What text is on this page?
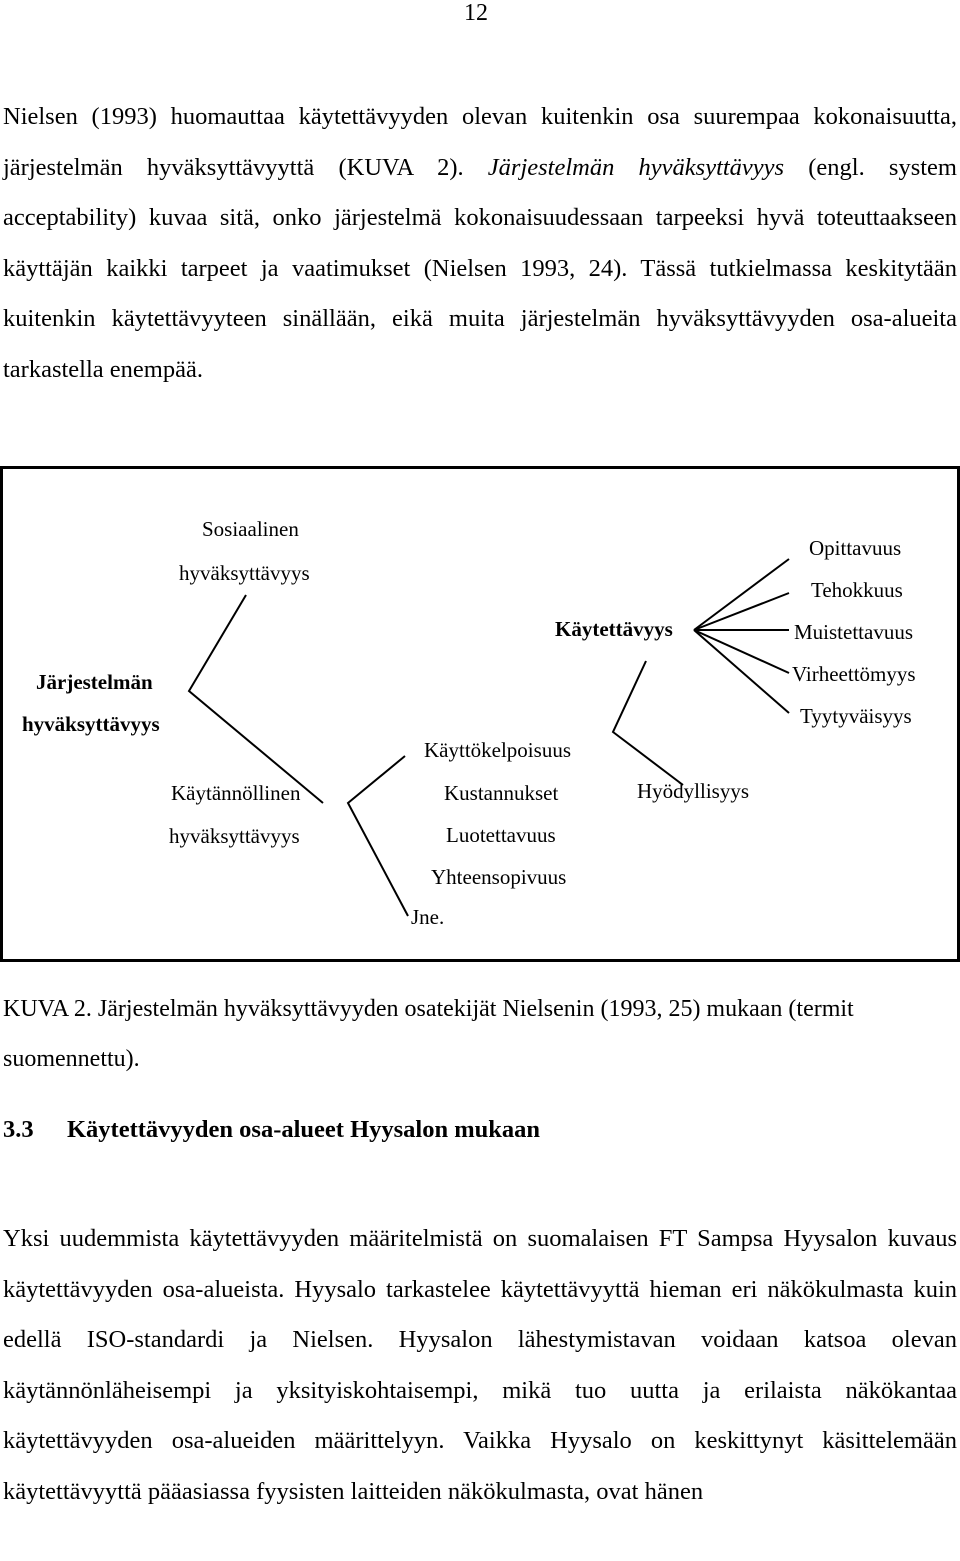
12

Nielsen (1993) huomauttaa käytettävyyden olevan kuitenkin osa suurempaa kokonaisuutta, järjestelmän hyväksyttävyyttä (KUVA 2). Järjestelmän hyväksyttävyys (engl. system acceptability) kuvaa sitä, onko järjestelmä kokonaisuudessaan tarpeeksi hyvä toteuttaakseen käyttäjän kaikki tarpeet ja vaatimukset (Nielsen 1993, 24). Tässä tutkielmassa keskitytään kuitenkin käytettävyyteen sinällään, eikä muita järjestelmän hyväksyttävyyden osa-alueita tarkastella enempää.

Järjestelmän
hyväksyttävyys
Sosiaalinen
hyväksyttävyys
Käytännöllinen
hyväksyttävyys
Käyttökelpoisuus
Kustannukset
Luotettavuus
Yhteensopivuus
Jne.
Käytettävyys
Hyödyllisyys
Opittavuus
Tehokkuus
Muistettavuus
Virheettömyys
Tyytyväisyys

KUVA 2. Järjestelmän hyväksyttävyyden osatekijät Nielsenin (1993, 25) mukaan (termit suomennettu).

3.3 Käytettävyyden osa-alueet Hyysalon mukaan

Yksi uudemmista käytettävyyden määritelmistä on suomalaisen FT Sampsa Hyysalon kuvaus käytettävyyden osa-alueista. Hyysalo tarkastelee käytettävyyttä hieman eri näkökulmasta kuin edellä ISO-standardi ja Nielsen. Hyysalon lähestymistavan voidaan katsoa olevan käytännönläheisempi ja yksityiskohtaisempi, mikä tuo uutta ja erilaista näkökantaa käytettävyyden osa-alueiden määrittelyyn. Vaikka Hyysalo on keskittynyt käsittelemään käytettävyyttä pääasiassa fyysisten laitteiden näkökulmasta, ovat hänen
